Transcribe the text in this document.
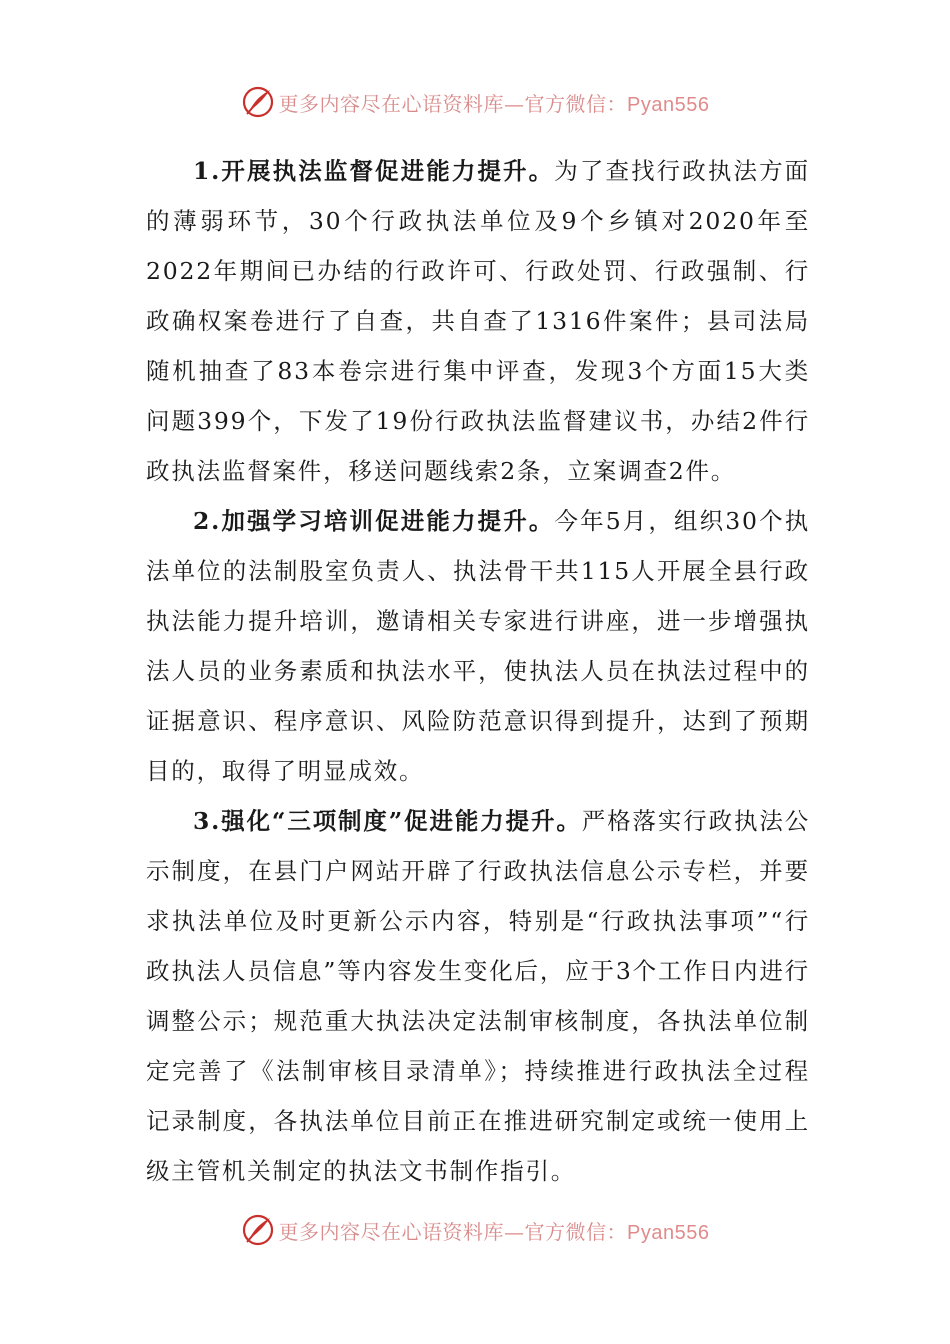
更多内容尽在心语资料库—官方微信：Pyan556

1.开展执法监督促进能力提升。为了查找行政执法方面的薄弱环节，30个行政执法单位及9个乡镇对2020年至2022年期间已办结的行政许可、行政处罚、行政强制、行政确权案卷进行了自查，共自查了1316件案件；县司法局随机抽查了83本卷宗进行集中评查，发现3个方面15大类问题399个，下发了19份行政执法监督建议书，办结2件行政执法监督案件，移送问题线索2条，立案调查2件。

2.加强学习培训促进能力提升。今年5月，组织30个执法单位的法制股室负责人、执法骨干共115人开展全县行政执法能力提升培训，邀请相关专家进行讲座，进一步增强执法人员的业务素质和执法水平，使执法人员在执法过程中的证据意识、程序意识、风险防范意识得到提升，达到了预期目的，取得了明显成效。

3.强化“三项制度”促进能力提升。严格落实行政执法公示制度，在县门户网站开辟了行政执法信息公示专栏，并要求执法单位及时更新公示内容，特别是“行政执法事项”“行政执法人员信息”等内容发生变化后，应于3个工作日内进行调整公示；规范重大执法决定法制审核制度，各执法单位制定完善了《法制审核目录清单》；持续推进行政执法全过程记录制度，各执法单位目前正在推进研究制定或统一使用上级主管机关制定的执法文书制作指引。

更多内容尽在心语资料库—官方微信：Pyan556
